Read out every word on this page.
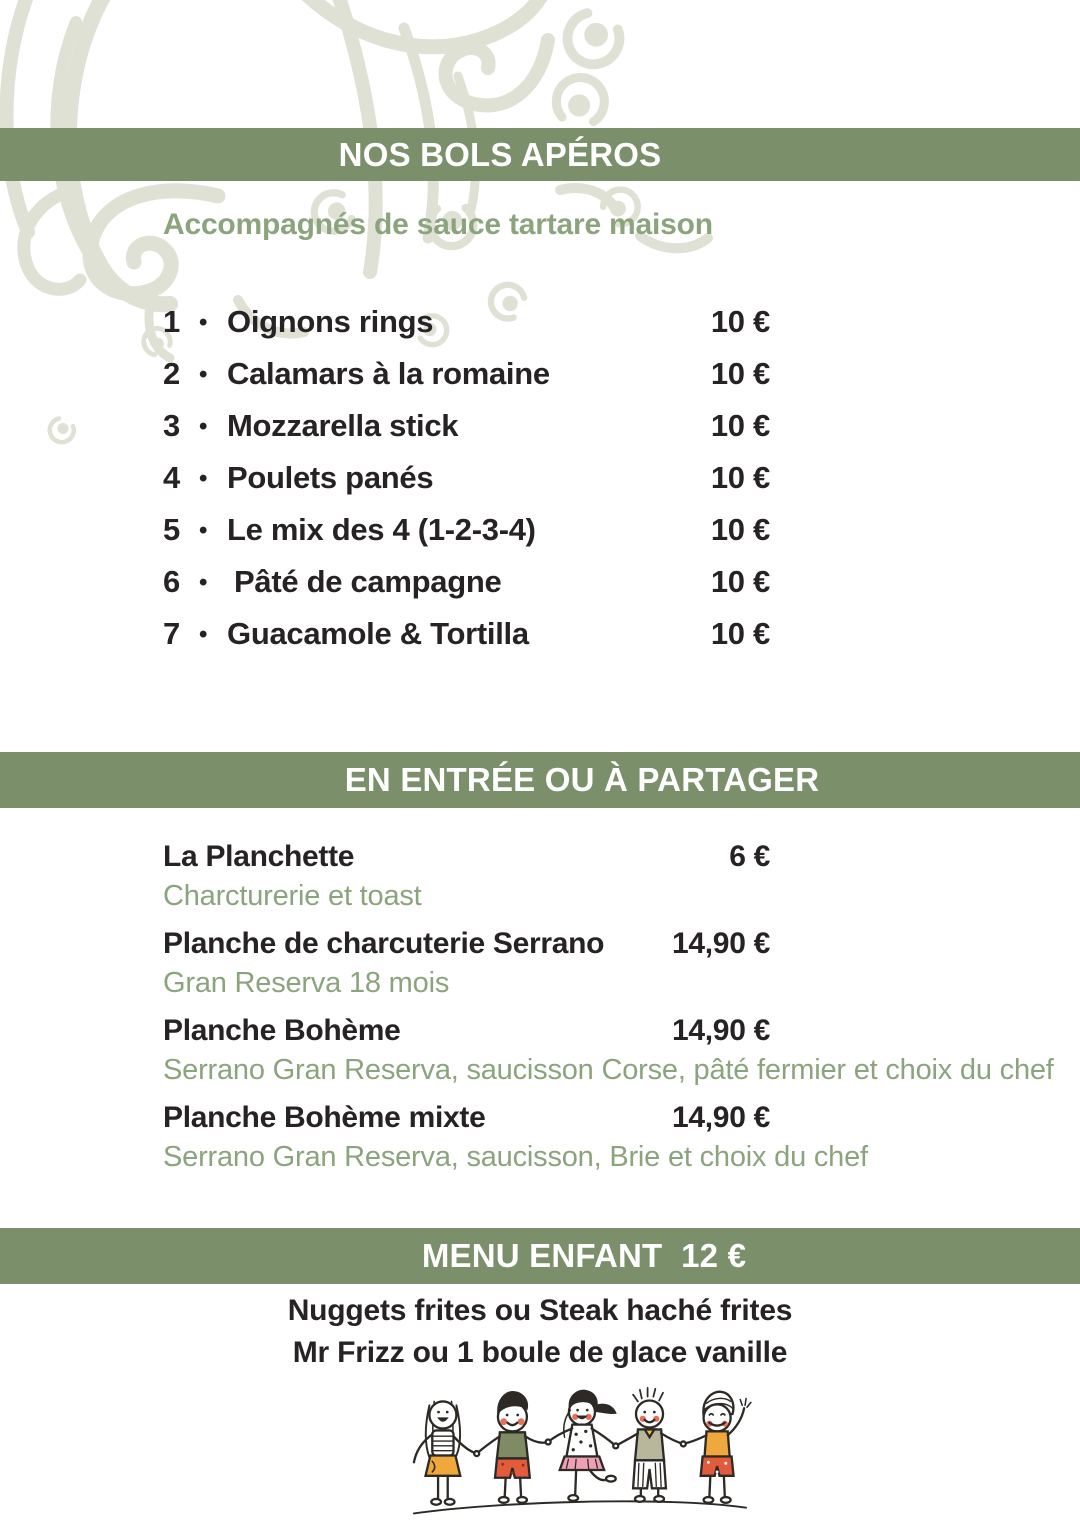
NOS BOLS APÉROS
Accompagnés de sauce tartare maison
1 • Oignons rings	10 €
2 • Calamars à la romaine	10 €
3 • Mozzarella stick	10 €
4 • Poulets panés	10 €
5 • Le mix des 4 (1-2-3-4)	10 €
6 • Pâté de campagne	10 €
7 • Guacamole & Tortilla	10 €
EN ENTRÉE OU À PARTAGER
La Planchette	6 €
Charcturerie et toast
Planche de charcuterie Serrano 14,90 €
Gran Reserva 18 mois
Planche Bohème	14,90 €
Serrano Gran Reserva, saucisson Corse, pâté fermier et choix du chef
Planche Bohème mixte	14,90 €
Serrano Gran Reserva, saucisson, Brie et choix du chef
MENU ENFANT  12 €
Nuggets frites ou Steak haché frites
Mr Frizz ou 1 boule de glace vanille
